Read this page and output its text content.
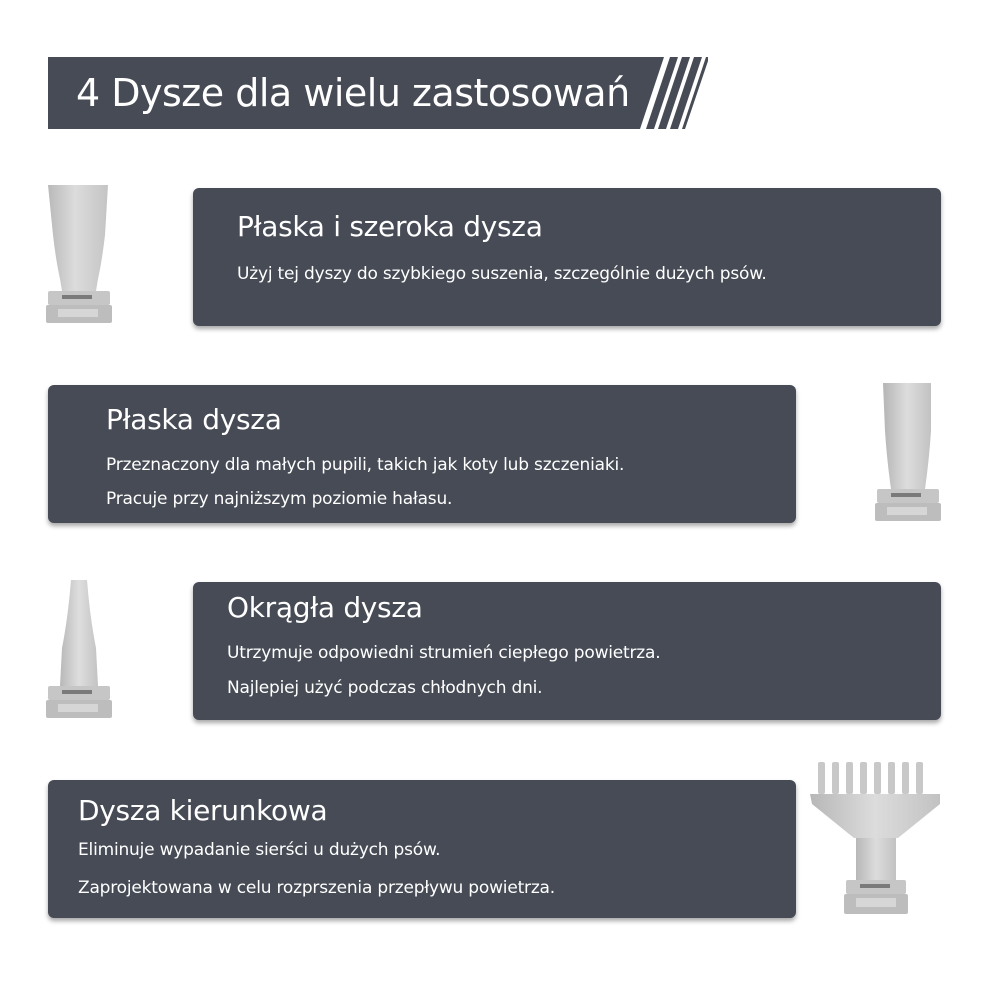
4 Dysze dla wielu zastosowań
Płaska i szeroka dysza
Użyj tej dyszy do szybkiego suszenia, szczególnie dużych psów.
Płaska dysza
Przeznaczony dla małych pupili, takich jak koty lub szczeniaki.
Pracuje przy najniższym poziomie hałasu.
Okrągła dysza
Utrzymuje odpowiedni strumień ciepłego powietrza.
Najlepiej użyć podczas chłodnych dni.
Dysza kierunkowa
Eliminuje wypadanie sierści u dużych psów.
Zaprojektowana w celu rozprszenia przepływu powietrza.
